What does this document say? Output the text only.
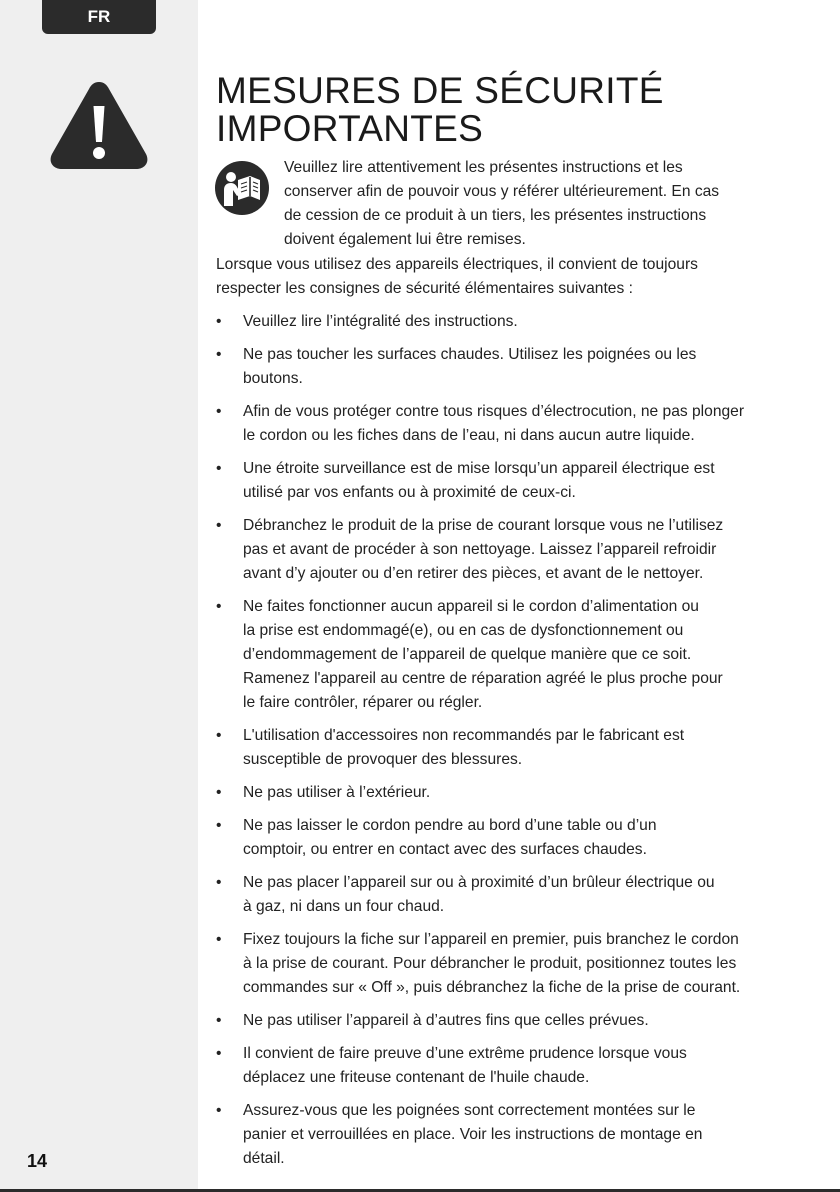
FR
14
MESURES DE SÉCURITÉ
IMPORTANTES

Veuillez lire attentivement les présentes instructions et les
conserver afin de pouvoir vous y référer ultérieurement. En cas
de cession de ce produit à un tiers, les présentes instructions
doivent également lui être remises.

Lorsque vous utilisez des appareils électriques, il convient de toujours
respecter les consignes de sécurité élémentaires suivantes :

• Veuillez lire l’intégralité des instructions.
• Ne pas toucher les surfaces chaudes. Utilisez les poignées ou les
boutons.
• Afin de vous protéger contre tous risques d’électrocution, ne pas plonger
le cordon ou les fiches dans de l’eau, ni dans aucun autre liquide.
• Une étroite surveillance est de mise lorsqu’un appareil électrique est
utilisé par vos enfants ou à proximité de ceux-ci.
• Débranchez le produit de la prise de courant lorsque vous ne l’utilisez
pas et avant de procéder à son nettoyage. Laissez l’appareil refroidir
avant d’y ajouter ou d’en retirer des pièces, et avant de le nettoyer.
• Ne faites fonctionner aucun appareil si le cordon d’alimentation ou
la prise est endommagé(e), ou en cas de dysfonctionnement ou
d’endommagement de l’appareil de quelque manière que ce soit.
Ramenez l'appareil au centre de réparation agréé le plus proche pour
le faire contrôler, réparer ou régler.
• L'utilisation d'accessoires non recommandés par le fabricant est
susceptible de provoquer des blessures.
• Ne pas utiliser à l’extérieur.
• Ne pas laisser le cordon pendre au bord d’une table ou d’un
comptoir, ou entrer en contact avec des surfaces chaudes.
• Ne pas placer l’appareil sur ou à proximité d’un brûleur électrique ou
à gaz, ni dans un four chaud.
• Fixez toujours la fiche sur l’appareil en premier, puis branchez le cordon
à la prise de courant. Pour débrancher le produit, positionnez toutes les
commandes sur « Off », puis débranchez la fiche de la prise de courant.
• Ne pas utiliser l’appareil à d’autres fins que celles prévues.
• Il convient de faire preuve d’une extrême prudence lorsque vous
déplacez une friteuse contenant de l'huile chaude.
• Assurez-vous que les poignées sont correctement montées sur le
panier et verrouillées en place. Voir les instructions de montage en
détail.
